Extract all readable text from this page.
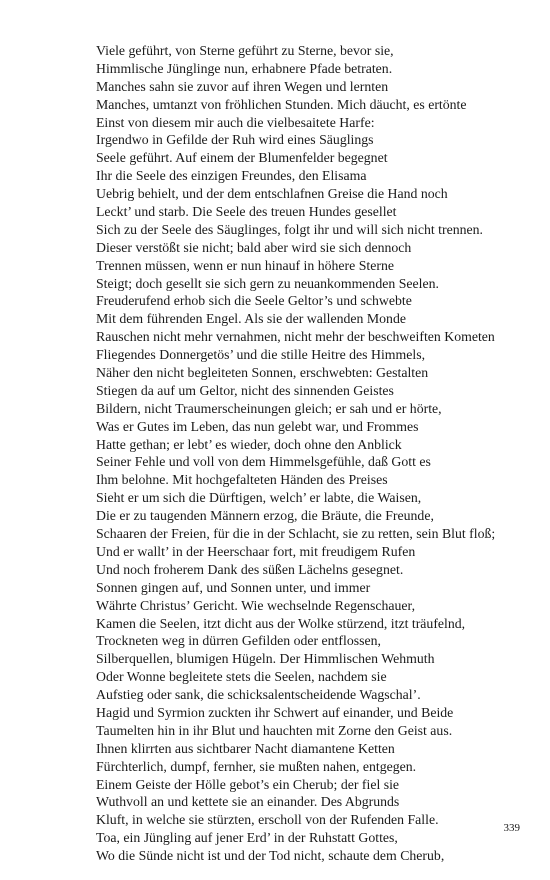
Viele geführt, von Sterne geführt zu Sterne, bevor sie,
Himmlische Jünglinge nun, erhabnere Pfade betraten.
Manches sahn sie zuvor auf ihren Wegen und lernten
Manches, umtanzt von fröhlichen Stunden. Mich däucht, es ertönte
Einst von diesem mir auch die vielbesaitete Harfe:
Irgendwo in Gefilde der Ruh wird eines Säuglings
Seele geführt. Auf einem der Blumenfelder begegnet
Ihr die Seele des einzigen Freundes, den Elisama
Uebrig behielt, und der dem entschlafnen Greise die Hand noch
Leckt’ und starb. Die Seele des treuen Hundes gesellet
Sich zu der Seele des Säuglinges, folgt ihr und will sich nicht trennen.
Dieser verstößt sie nicht; bald aber wird sie sich dennoch
Trennen müssen, wenn er nun hinauf in höhere Sterne
Steigt; doch gesellt sie sich gern zu neuankommenden Seelen.
Freuderufend erhob sich die Seele Geltor’s und schwebte
Mit dem führenden Engel. Als sie der wallenden Monde
Rauschen nicht mehr vernahmen, nicht mehr der beschweiften Kometen
Fliegendes Donnergetös’ und die stille Heitre des Himmels,
Näher den nicht begleiteten Sonnen, erschwebten: Gestalten
Stiegen da auf um Geltor, nicht des sinnenden Geistes
Bildern, nicht Traumerscheinungen gleich; er sah und er hörte,
Was er Gutes im Leben, das nun gelebt war, und Frommes
Hatte gethan; er lebt’ es wieder, doch ohne den Anblick
Seiner Fehle und voll von dem Himmelsgefühle, daß Gott es
Ihm belohne. Mit hochgefalteten Händen des Preises
Sieht er um sich die Dürftigen, welch’ er labte, die Waisen,
Die er zu taugenden Männern erzog, die Bräute, die Freunde,
Schaaren der Freien, für die in der Schlacht, sie zu retten, sein Blut floß;
Und er wallt’ in der Heerschaar fort, mit freudigem Rufen
Und noch froherem Dank des süßen Lächelns gesegnet.
Sonnen gingen auf, und Sonnen unter, und immer
Währte Christus’ Gericht. Wie wechselnde Regenschauer,
Kamen die Seelen, itzt dicht aus der Wolke stürzend, itzt träufelnd,
Trockneten weg in dürren Gefilden oder entflossen,
Silberquellen, blumigen Hügeln. Der Himmlischen Wehmuth
Oder Wonne begleitete stets die Seelen, nachdem sie
Aufstieg oder sank, die schicksalentscheidende Wagschal’.
Hagid und Syrmion zuckten ihr Schwert auf einander, und Beide
Taumelten hin in ihr Blut und hauchten mit Zorne den Geist aus.
Ihnen klirrten aus sichtbarer Nacht diamantene Ketten
Fürchterlich, dumpf, fernher, sie mußten nahen, entgegen.
Einem Geiste der Hölle gebot’s ein Cherub; der fiel sie
Wuthvoll an und kettete sie an einander. Des Abgrunds
Kluft, in welche sie stürzten, erscholl von der Rufenden Falle.
Toa, ein Jüngling auf jener Erd’ in der Ruhstatt Gottes,
Wo die Sünde nicht ist und der Tod nicht, schaute dem Cherub,
339
